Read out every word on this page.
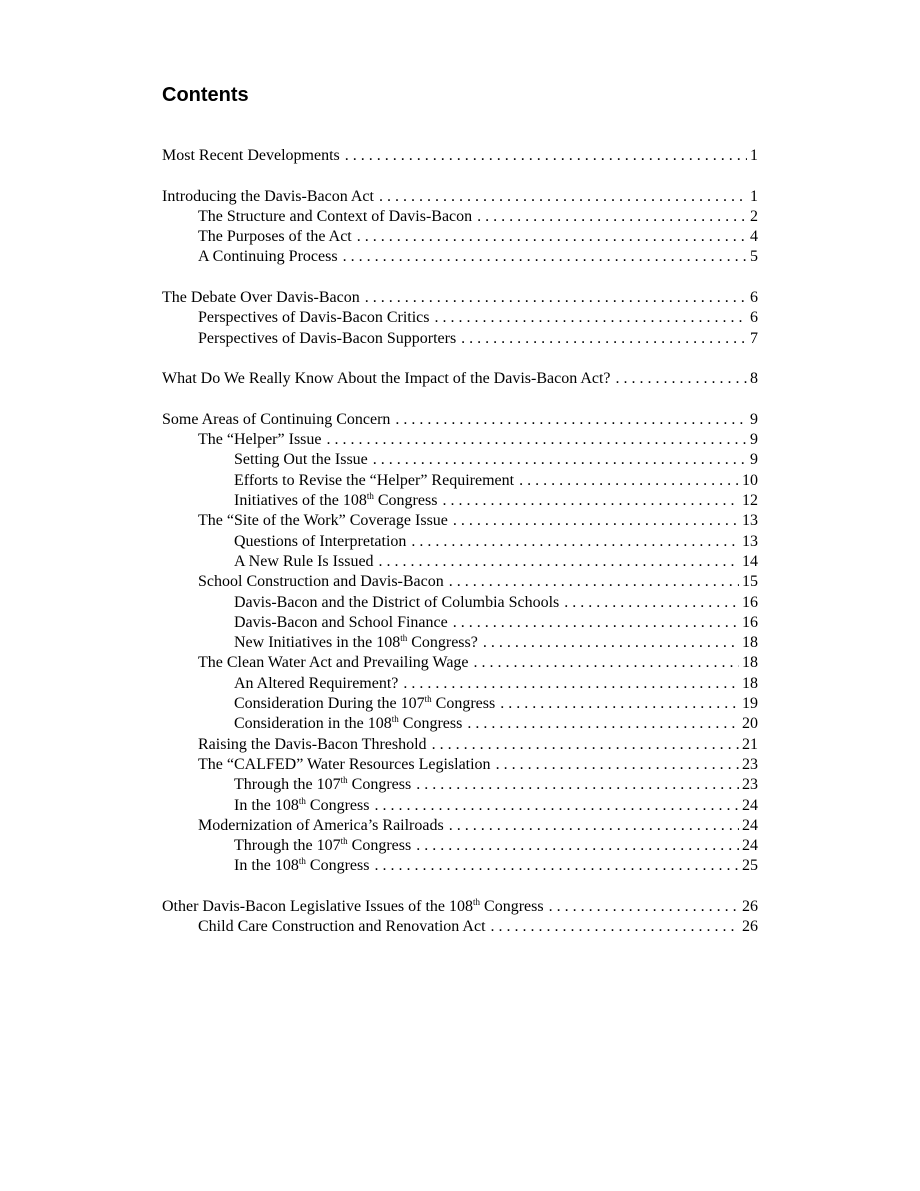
Contents
Most Recent Developments . . .	1
Introducing the Davis-Bacon Act . . .	1
The Structure and Context of Davis-Bacon . . .	2
The Purposes of the Act . . .	4
A Continuing Process . . .	5
The Debate Over Davis-Bacon . . .	6
Perspectives of Davis-Bacon Critics . . .	6
Perspectives of Davis-Bacon Supporters . . .	7
What Do We Really Know About the Impact of the Davis-Bacon Act? . . .	8
Some Areas of Continuing Concern . . .	9
The “Helper” Issue . . .	9
Setting Out the Issue . . .	9
Efforts to Revise the “Helper” Requirement . . .	10
Initiatives of the 108th Congress . . .	12
The “Site of the Work” Coverage Issue . . .	13
Questions of Interpretation . . .	13
A New Rule Is Issued . . .	14
School Construction and Davis-Bacon . . .	15
Davis-Bacon and the District of Columbia Schools . . .	16
Davis-Bacon and School Finance . . .	16
New Initiatives in the 108th Congress? . . .	18
The Clean Water Act and Prevailing Wage . . .	18
An Altered Requirement? . . .	18
Consideration During the 107th Congress . . .	19
Consideration in the 108th Congress . . .	20
Raising the Davis-Bacon Threshold . . .	21
The “CALFED” Water Resources Legislation . . .	23
Through the 107th Congress . . .	23
In the 108th Congress . . .	24
Modernization of America’s Railroads . . .	24
Through the 107th Congress . . .	24
In the 108th Congress . . .	25
Other Davis-Bacon Legislative Issues of the 108th Congress . . .	26
Child Care Construction and Renovation Act . . .	26
